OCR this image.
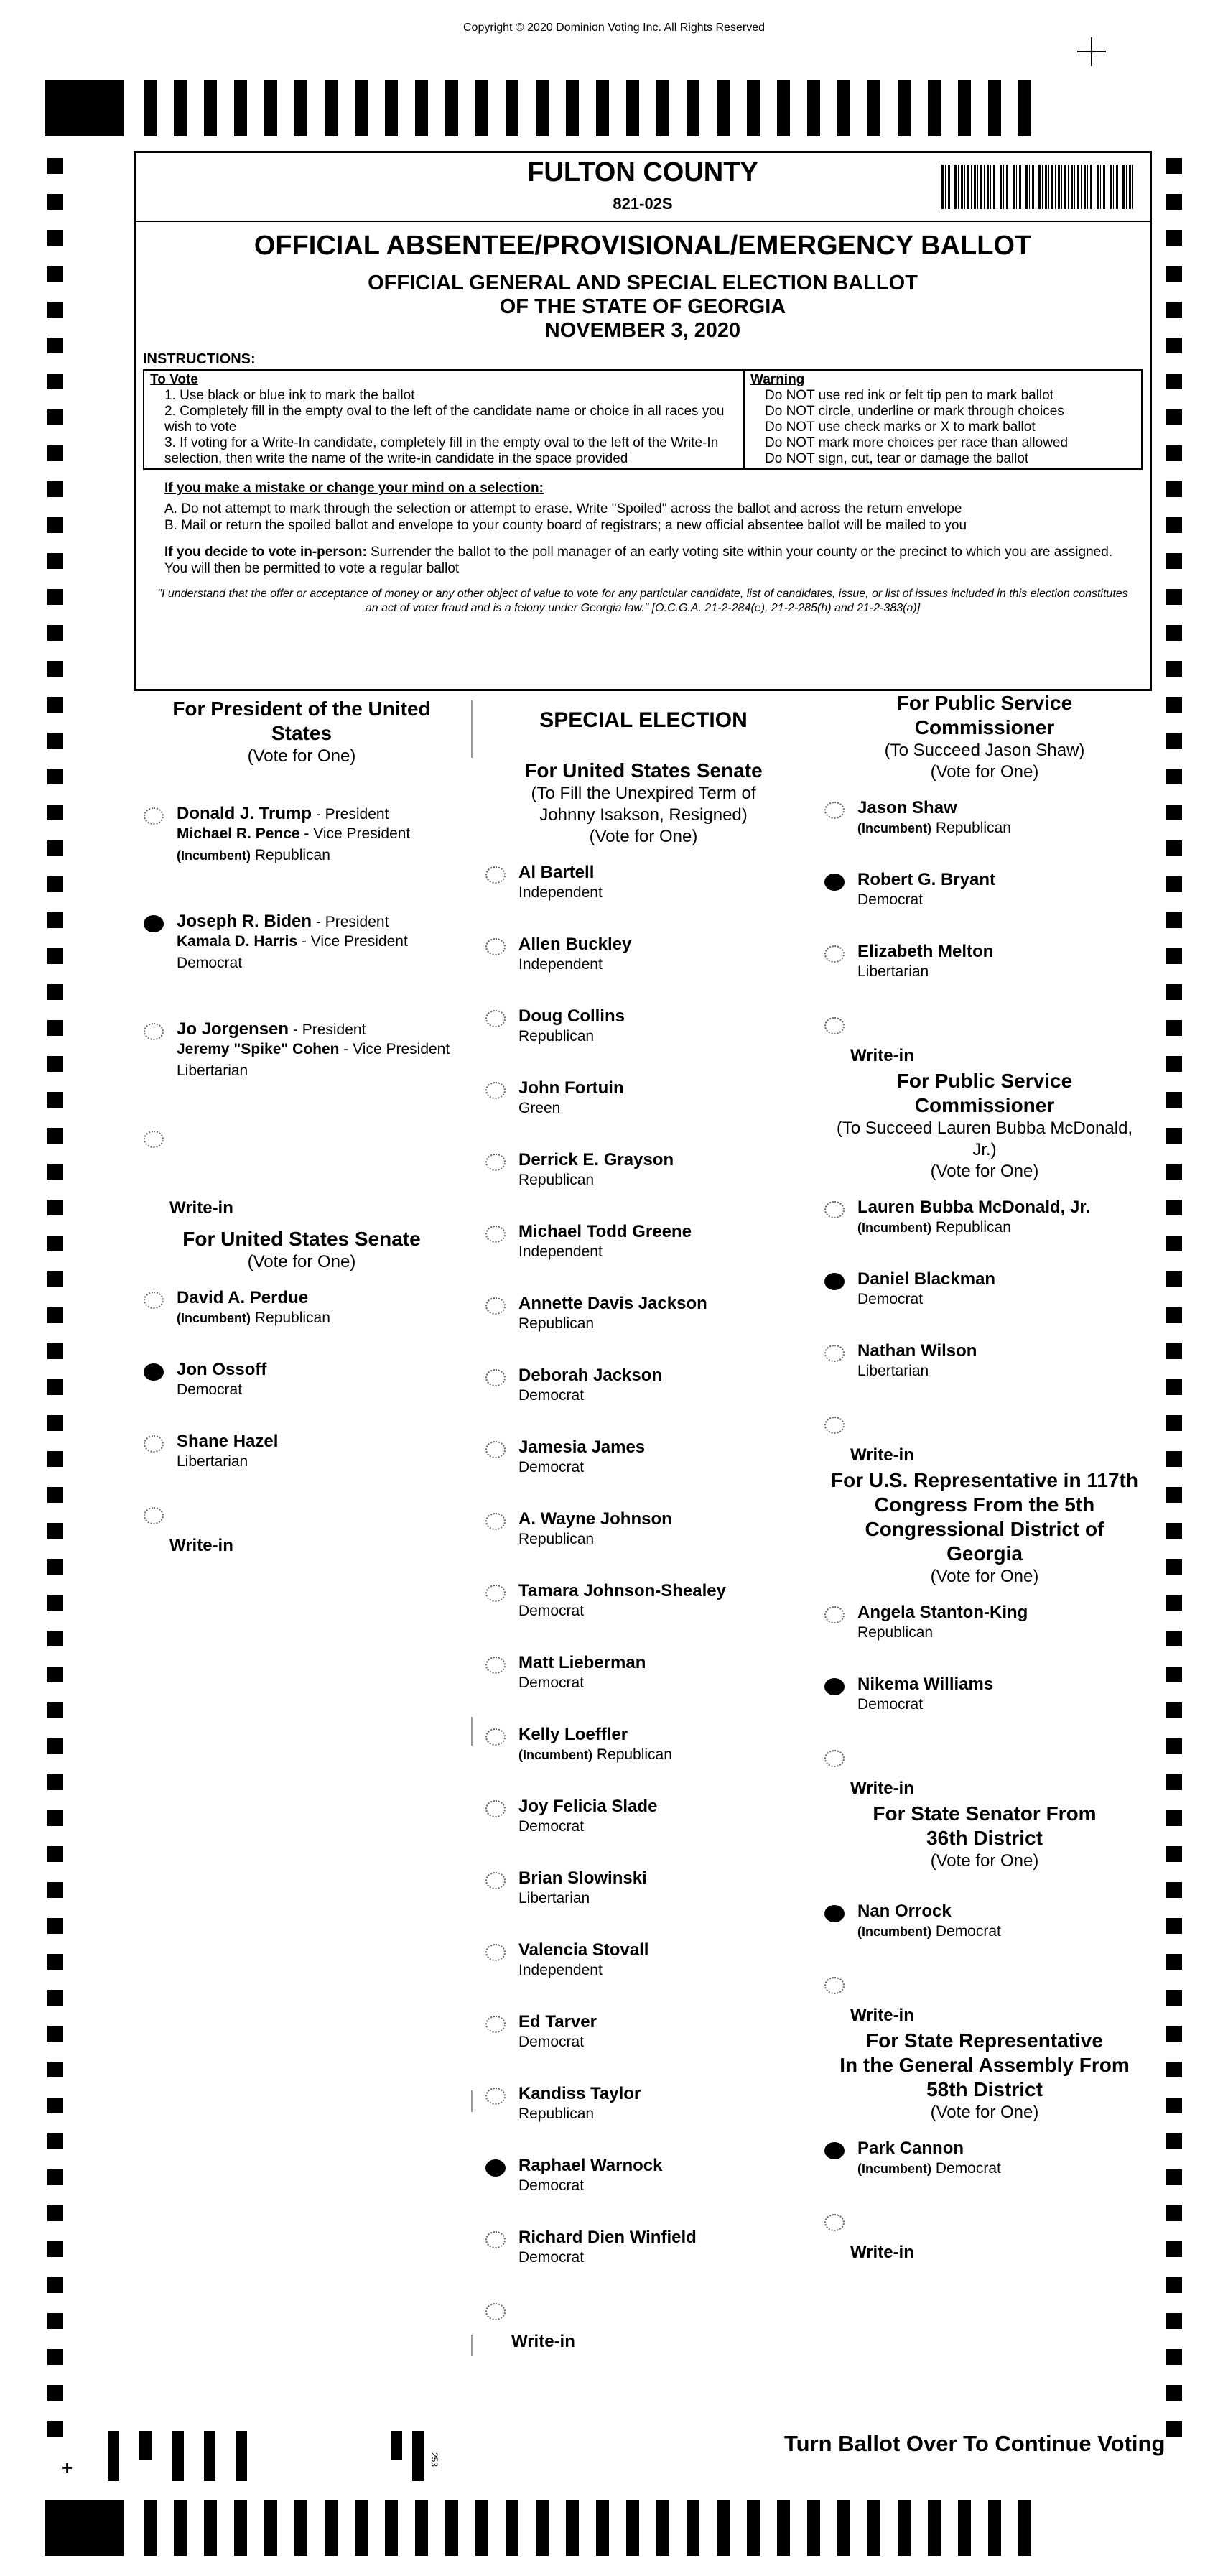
Copyright © 2020 Dominion Voting Inc. All Rights Reserved
FULTON COUNTY
821-02S
OFFICIAL ABSENTEE/PROVISIONAL/EMERGENCY BALLOT
OFFICIAL GENERAL AND SPECIAL ELECTION BALLOT
OF THE STATE OF GEORGIA
NOVEMBER 3, 2020
INSTRUCTIONS:
To Vote
1. Use black or blue ink to mark the ballot
2. Completely fill in the empty oval to the left of the candidate name or choice in all races you wish to vote
3. If voting for a Write-In candidate, completely fill in the empty oval to the left of the Write-In selection, then write the name of the write-in candidate in the space provided
Warning
Do NOT use red ink or felt tip pen to mark ballot
Do NOT circle, underline or mark through choices
Do NOT use check marks or X to mark ballot
Do NOT mark more choices per race than allowed
Do NOT sign, cut, tear or damage the ballot
If you make a mistake or change your mind on a selection:
A. Do not attempt to mark through the selection or attempt to erase. Write "Spoiled" across the ballot and across the return envelope
B. Mail or return the spoiled ballot and envelope to your county board of registrars; a new official absentee ballot will be mailed to you
If you decide to vote in-person: Surrender the ballot to the poll manager of an early voting site within your county or the precinct to which you are assigned. You will then be permitted to vote a regular ballot
"I understand that the offer or acceptance of money or any other object of value to vote for any particular candidate, list of candidates, issue, or list of issues included in this election constitutes an act of voter fraud and is a felony under Georgia law." [O.C.G.A. 21-2-284(e), 21-2-285(h) and 21-2-383(a)]
For President of the United States
(Vote for One)
Donald J. Trump - President
Michael R. Pence - Vice President
(Incumbent) Republican
Joseph R. Biden - President
Kamala D. Harris - Vice President
Democrat
Jo Jorgensen - President
Jeremy "Spike" Cohen - Vice President
Libertarian
Write-in
For United States Senate
(Vote for One)
David A. Perdue
(Incumbent) Republican
Jon Ossoff
Democrat
Shane Hazel
Libertarian
Write-in
SPECIAL ELECTION
For United States Senate
(To Fill the Unexpired Term of
Johnny Isakson, Resigned)
(Vote for One)
Al Bartell
Independent
Allen Buckley
Independent
Doug Collins
Republican
John Fortuin
Green
Derrick E. Grayson
Republican
Michael Todd Greene
Independent
Annette Davis Jackson
Republican
Deborah Jackson
Democrat
Jamesia James
Democrat
A. Wayne Johnson
Republican
Tamara Johnson-Shealey
Democrat
Matt Lieberman
Democrat
Kelly Loeffler
(Incumbent) Republican
Joy Felicia Slade
Democrat
Brian Slowinski
Libertarian
Valencia Stovall
Independent
Ed Tarver
Democrat
Kandiss Taylor
Republican
Raphael Warnock
Democrat
Richard Dien Winfield
Democrat
Write-in
For Public Service
Commissioner
(To Succeed Jason Shaw)
(Vote for One)
Jason Shaw
(Incumbent) Republican
Robert G. Bryant
Democrat
Elizabeth Melton
Libertarian
Write-in
For Public Service
Commissioner
(To Succeed Lauren Bubba McDonald, Jr.)
(Vote for One)
Lauren Bubba McDonald, Jr.
(Incumbent) Republican
Daniel Blackman
Democrat
Nathan Wilson
Libertarian
Write-in
For U.S. Representative in 117th
Congress From the 5th
Congressional District of Georgia
(Vote for One)
Angela Stanton-King
Republican
Nikema Williams
Democrat
Write-in
For State Senator From
36th District
(Vote for One)
Nan Orrock
(Incumbent) Democrat
Write-in
For State Representative
In the General Assembly From
58th District
(Vote for One)
Park Cannon
(Incumbent) Democrat
Write-in
+	253
Turn Ballot Over To Continue Voting
